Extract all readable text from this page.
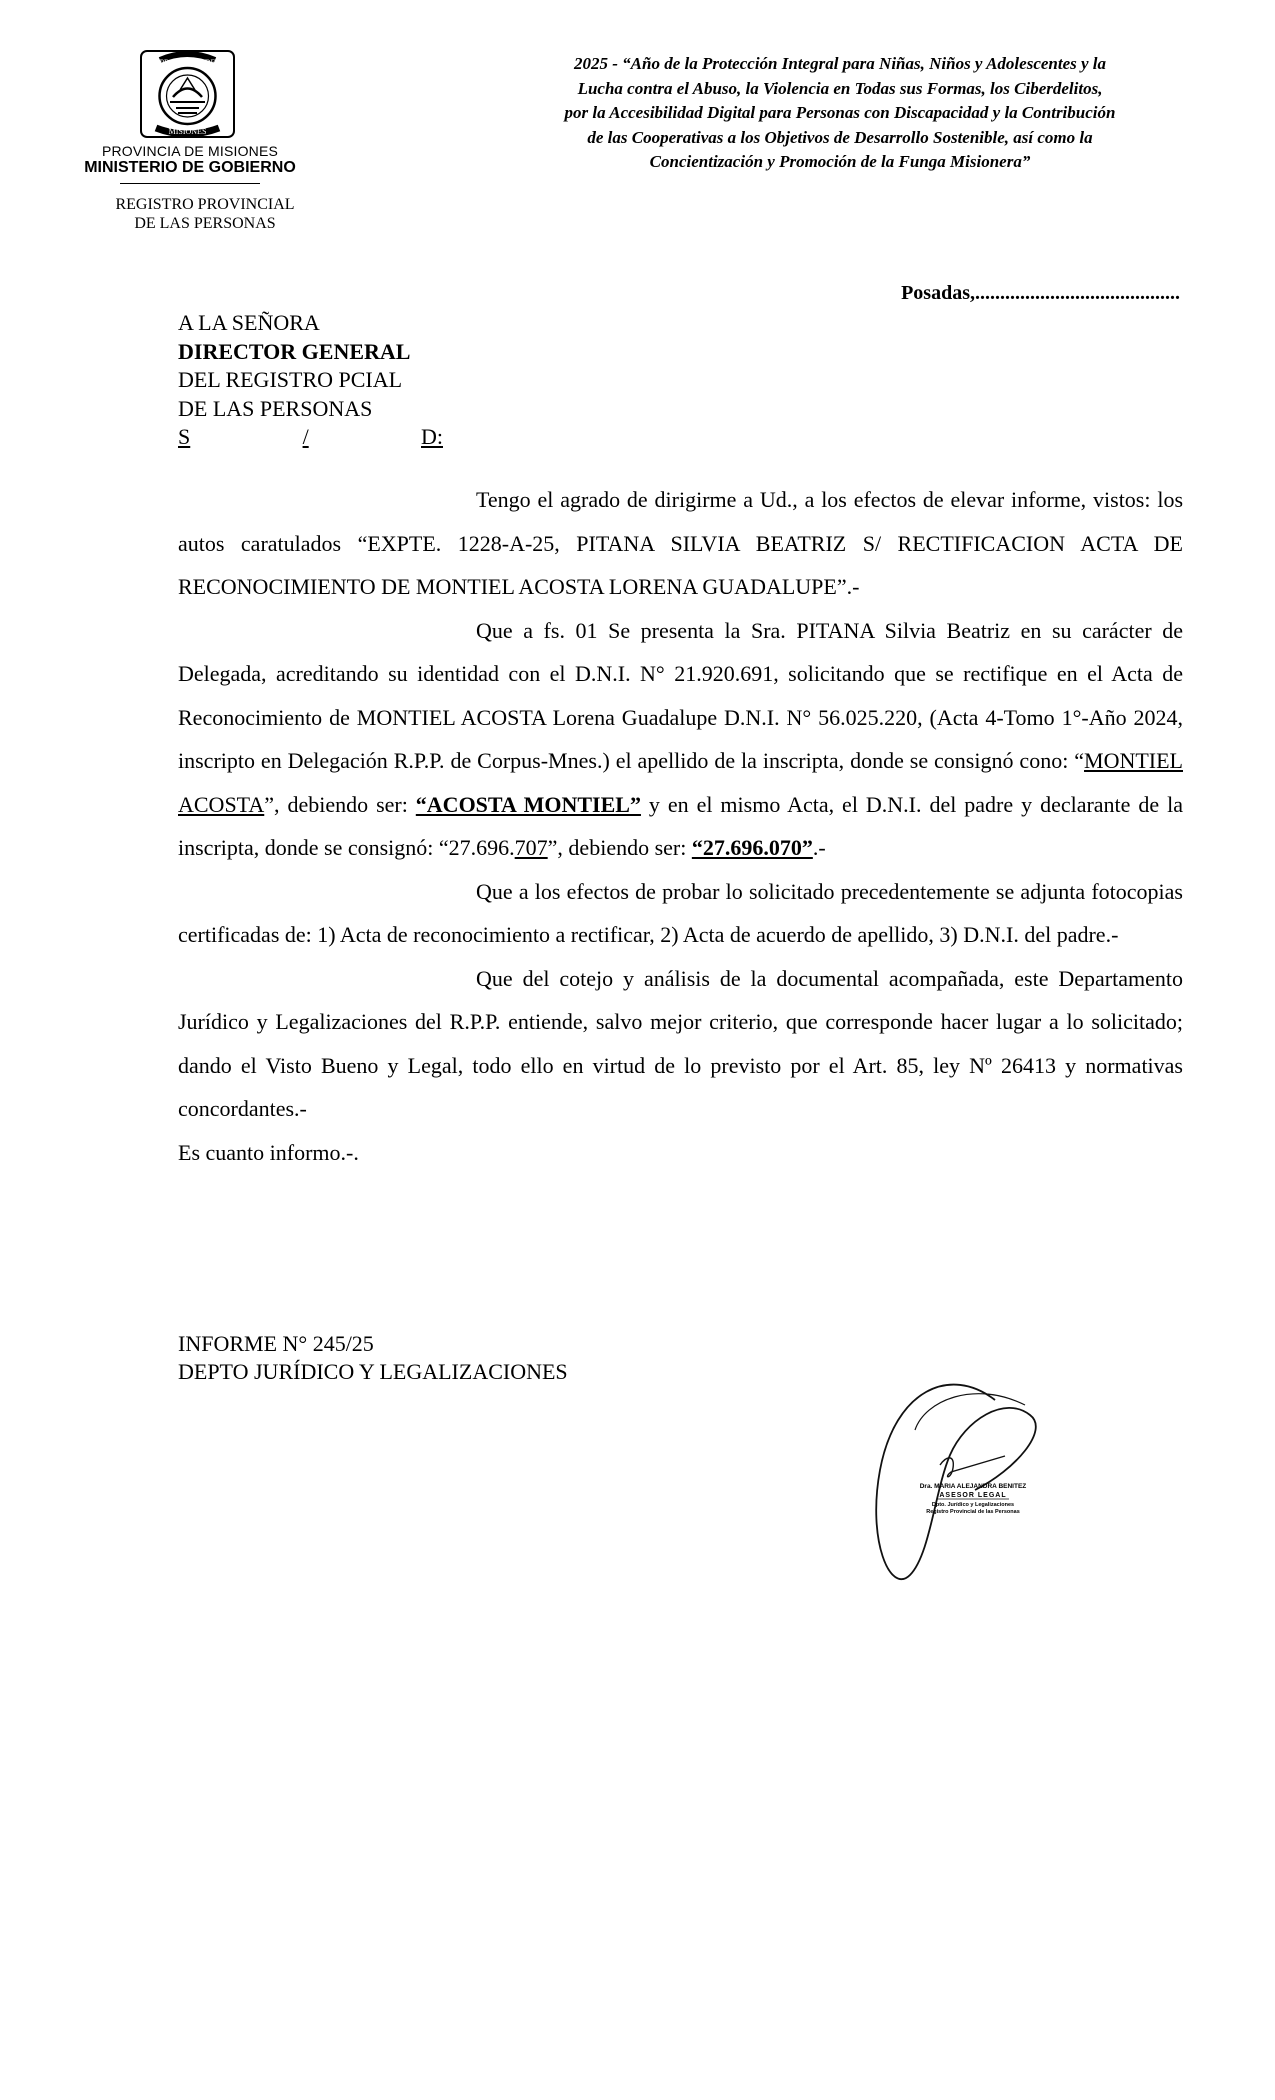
PROVINCIA DE
MISIONES
PROVINCIA DE MISIONES
MINISTERIO DE GOBIERNO
REGISTRO PROVINCIAL
DE LAS PERSONAS
2025 - “Año de la Protección Integral para Niñas, Niños y Adolescentes y la
Lucha contra el Abuso, la Violencia en Todas sus Formas, los Ciberdelitos,
por la Accesibilidad Digital para Personas con Discapacidad y la Contribución
de las Cooperativas a los Objetivos de Desarrollo Sostenible, así como la
Concientización y Promoción de la Funga Misionera”
Posadas,.........................................
A LA SEÑORA
DIRECTOR GENERAL
DEL REGISTRO PCIAL
DE LAS PERSONAS
S	/	D:

Tengo el agrado de dirigirme a Ud., a los efectos de elevar informe, vistos: los autos caratulados “EXPTE. 1228-A-25, PITANA SILVIA BEATRIZ S/ RECTIFICACION ACTA DE RECONOCIMIENTO DE MONTIEL ACOSTA LORENA GUADALUPE”.-

Que a fs. 01 Se presenta la Sra. PITANA Silvia Beatriz en su carácter de Delegada, acreditando su identidad con el D.N.I. N° 21.920.691, solicitando que se rectifique en el Acta de Reconocimiento de MONTIEL ACOSTA Lorena Guadalupe D.N.I. N° 56.025.220, (Acta 4-Tomo 1°-Año 2024, inscripto en Delegación R.P.P. de Corpus-Mnes.) el apellido de la inscripta, donde se consignó cono: “MONTIEL ACOSTA”, debiendo ser: “ACOSTA MONTIEL” y en el mismo Acta, el D.N.I. del padre y declarante de la inscripta, donde se consignó: “27.696.707”, debiendo ser: “27.696.070”.-

Que a los efectos de probar lo solicitado precedentemente se adjunta fotocopias certificadas de: 1) Acta de reconocimiento a rectificar, 2) Acta de acuerdo de apellido, 3) D.N.I. del padre.-

Que del cotejo y análisis de la documental acompañada, este Departamento Jurídico y Legalizaciones del R.P.P. entiende, salvo mejor criterio, que corresponde hacer lugar a lo solicitado; dando el Visto Bueno y Legal, todo ello en virtud de lo previsto por el Art. 85, ley Nº 26413 y normativas concordantes.-

Es cuanto informo.-.

INFORME N° 245/25
DEPTO JURÍDICO Y LEGALIZACIONES
Dra. MARIA ALEJANDRA BENITEZ
ASESOR LEGAL
Dpto. Jurídico y Legalizaciones
Registro Provincial de las Personas
